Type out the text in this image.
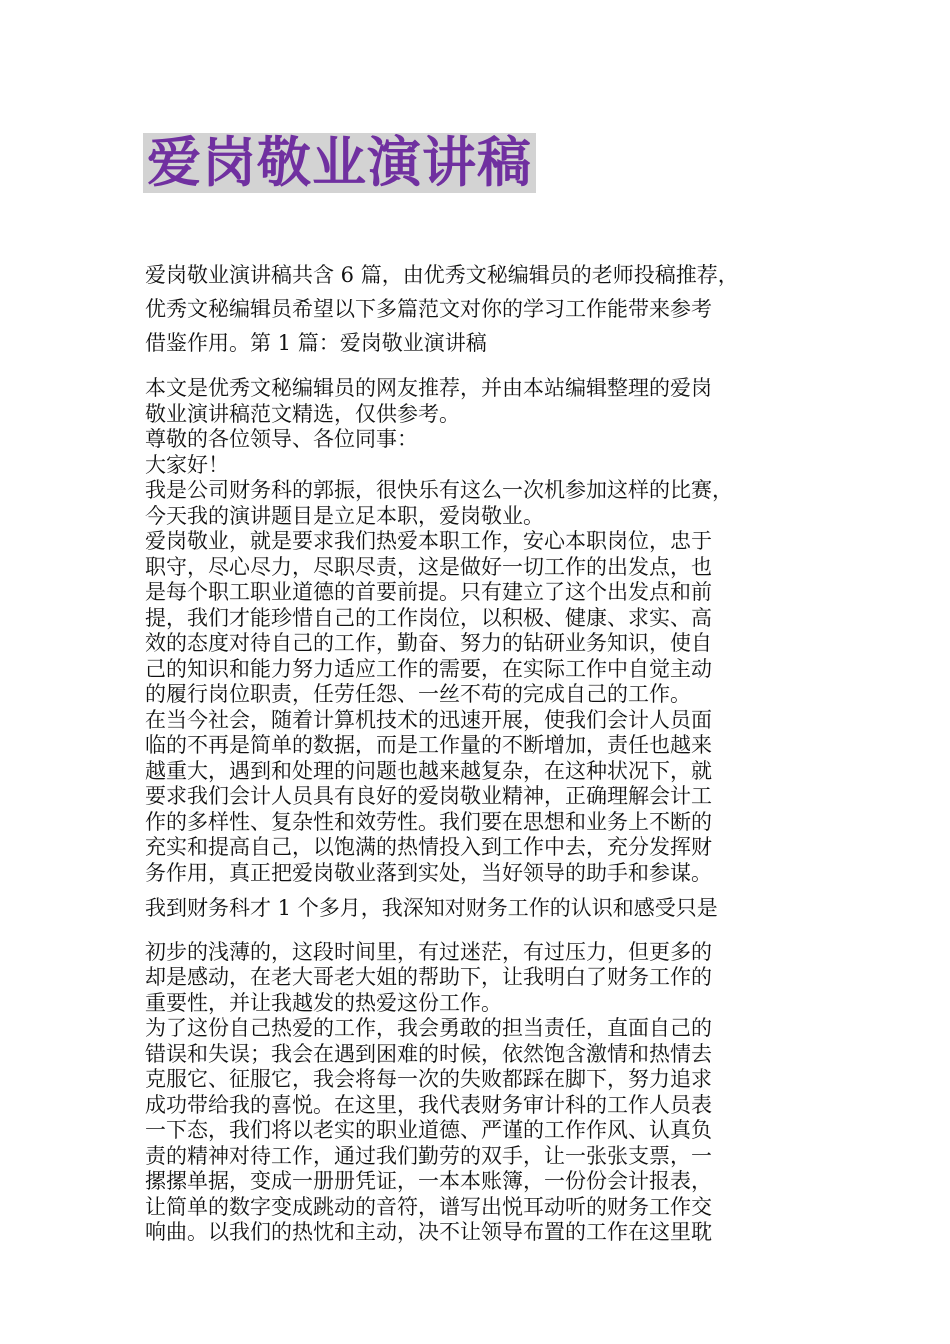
爱岗敬业演讲稿

爱岗敬业演讲稿共含 6 篇，由优秀文秘编辑员的老师投稿推荐，
优秀文秘编辑员希望以下多篇范文对你的学习工作能带来参考
借鉴作用。第 1 篇：爱岗敬业演讲稿

本文是优秀文秘编辑员的网友推荐，并由本站编辑整理的爱岗
敬业演讲稿范文精选，仅供参考。

尊敬的各位领导、各位同事：

大家好！

我是公司财务科的郭振，很快乐有这么一次机参加这样的比赛，
今天我的演讲题目是立足本职，爱岗敬业。

爱岗敬业，就是要求我们热爱本职工作，安心本职岗位，忠于
职守，尽心尽力，尽职尽责，这是做好一切工作的出发点，也
是每个职工职业道德的首要前提。只有建立了这个出发点和前
提，我们才能珍惜自己的工作岗位，以积极、健康、求实、高
效的态度对待自己的工作，勤奋、努力的钻研业务知识，使自
己的知识和能力努力适应工作的需要，在实际工作中自觉主动
的履行岗位职责，任劳任怨、一丝不苟的完成自己的工作。

在当今社会，随着计算机技术的迅速开展，使我们会计人员面
临的不再是简单的数据，而是工作量的不断增加，责任也越来
越重大，遇到和处理的问题也越来越复杂，在这种状况下，就
要求我们会计人员具有良好的爱岗敬业精神，正确理解会计工
作的多样性、复杂性和效劳性。我们要在思想和业务上不断的
充实和提高自己，以饱满的热情投入到工作中去，充分发挥财
务作用，真正把爱岗敬业落到实处，当好领导的助手和参谋。

我到财务科才 1 个多月，我深知对财务工作的认识和感受只是
初步的浅薄的，这段时间里，有过迷茫，有过压力，但更多的
却是感动，在老大哥老大姐的帮助下，让我明白了财务工作的
重要性，并让我越发的热爱这份工作。

为了这份自己热爱的工作，我会勇敢的担当责任，直面自己的
错误和失误；我会在遇到困难的时候，依然饱含激情和热情去
克服它、征服它，我会将每一次的失败都踩在脚下，努力追求
成功带给我的喜悦。在这里，我代表财务审计科的工作人员表
一下态，我们将以老实的职业道德、严谨的工作作风、认真负
责的精神对待工作，通过我们勤劳的双手，让一张张支票，一
摞摞单据，变成一册册凭证，一本本账簿，一份份会计报表，
让简单的数字变成跳动的音符，谱写出悦耳动听的财务工作交
响曲。以我们的热忱和主动，决不让领导布置的工作在这里耽
